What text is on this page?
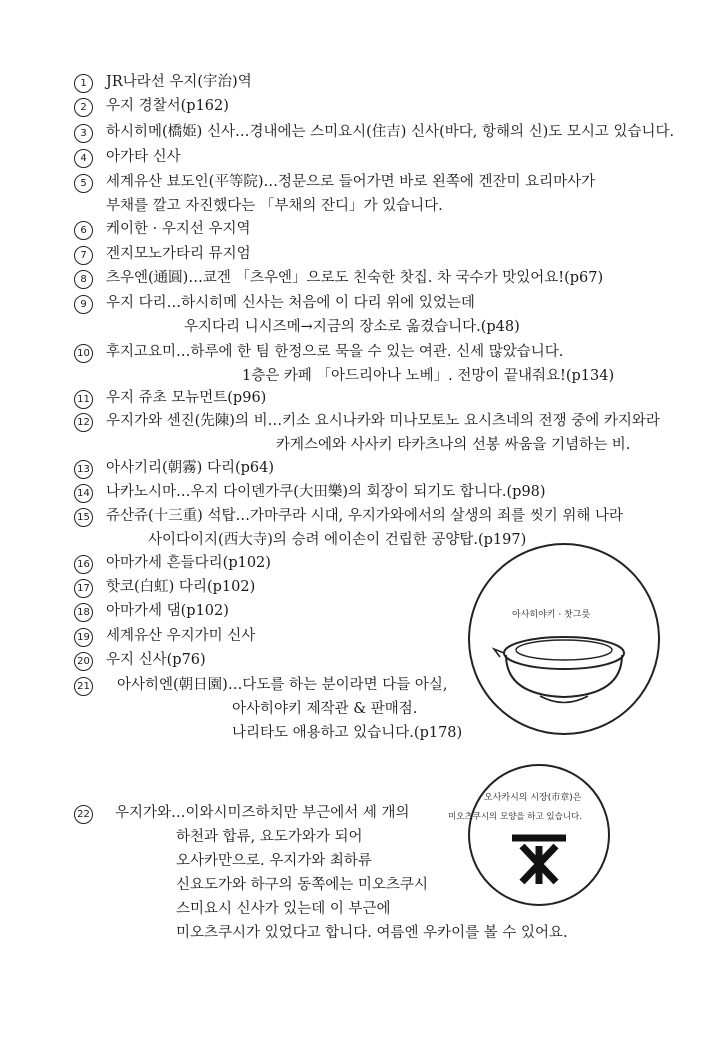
1	JR나라선 우지(宇治)역
2	우지 경찰서(p162)
3	하시히메(橋姫) 신사…경내에는 스미요시(住吉) 신사(바다, 항해의 신)도 모시고 있습니다.
4	아가타 신사
5	세계유산 뵤도인(平等院)…정문으로 들어가면 바로 왼쪽에 겐잔미 요리마사가
부채를 깔고 자진했다는 「부채의 잔디」가 있습니다.
6	케이한 · 우지선 우지역
7	겐지모노가타리 뮤지엄
8	츠우엔(通圓)…쿄겐 「츠우엔」으로도 친숙한 찻집. 차 국수가 맛있어요!(p67)
9	우지 다리…하시히메 신사는 처음에 이 다리 위에 있었는데
우지다리 니시즈메→지금의 장소로 옮겼습니다.(p48)
10 후지고요미…하루에 한 팀 한정으로 묵을 수 있는 여관. 신세 많았습니다.
1층은 카페 「아드리아나 노베」. 전망이 끝내줘요!(p134)
11 우지 쥬초 모뉴먼트(p96)
12 우지가와 센진(先陳)의 비…키소 요시나카와 미나모토노 요시츠네의 전쟁 중에 카지와라
카게스에와 사사키 타카츠나의 선봉 싸움을 기념하는 비.
13 아사기리(朝霧) 다리(p64)
14 나카노시마…우지 다이덴가쿠(大田樂)의 회장이 되기도 합니다.(p98)
15 쥬산쥬(十三重) 석탑…가마쿠라 시대, 우지가와에서의 살생의 죄를 씻기 위해 나라
사이다이지(西大寺)의 승려 에이손이 건립한 공양탑.(p197)
16 아마가세 흔들다리(p102)
17 핫코(白虹) 다리(p102)
18 아마가세 댐(p102)
19 세계유산 우지가미 신사
20 우지 신사(p76)
21 아사히엔(朝日園)…다도를 하는 분이라면 다들 아실,
아사히야키 제작관 & 판매점.
나리타도 애용하고 있습니다.(p178)
22 우지가와…이와시미즈하치만 부근에서 세 개의
하천과 합류, 요도가와가 되어
오사카만으로. 우지가와 최하류
신요도가와 하구의 동쪽에는 미오츠쿠시
스미요시 신사가 있는데 이 부근에
미오츠쿠시가 있었다고 합니다. 여름엔 우카이를 볼 수 있어요.
아사히야키 · 찻그릇
오사카시의 시장(市章)은
미오츠쿠시의 모양을 하고 있습니다.
